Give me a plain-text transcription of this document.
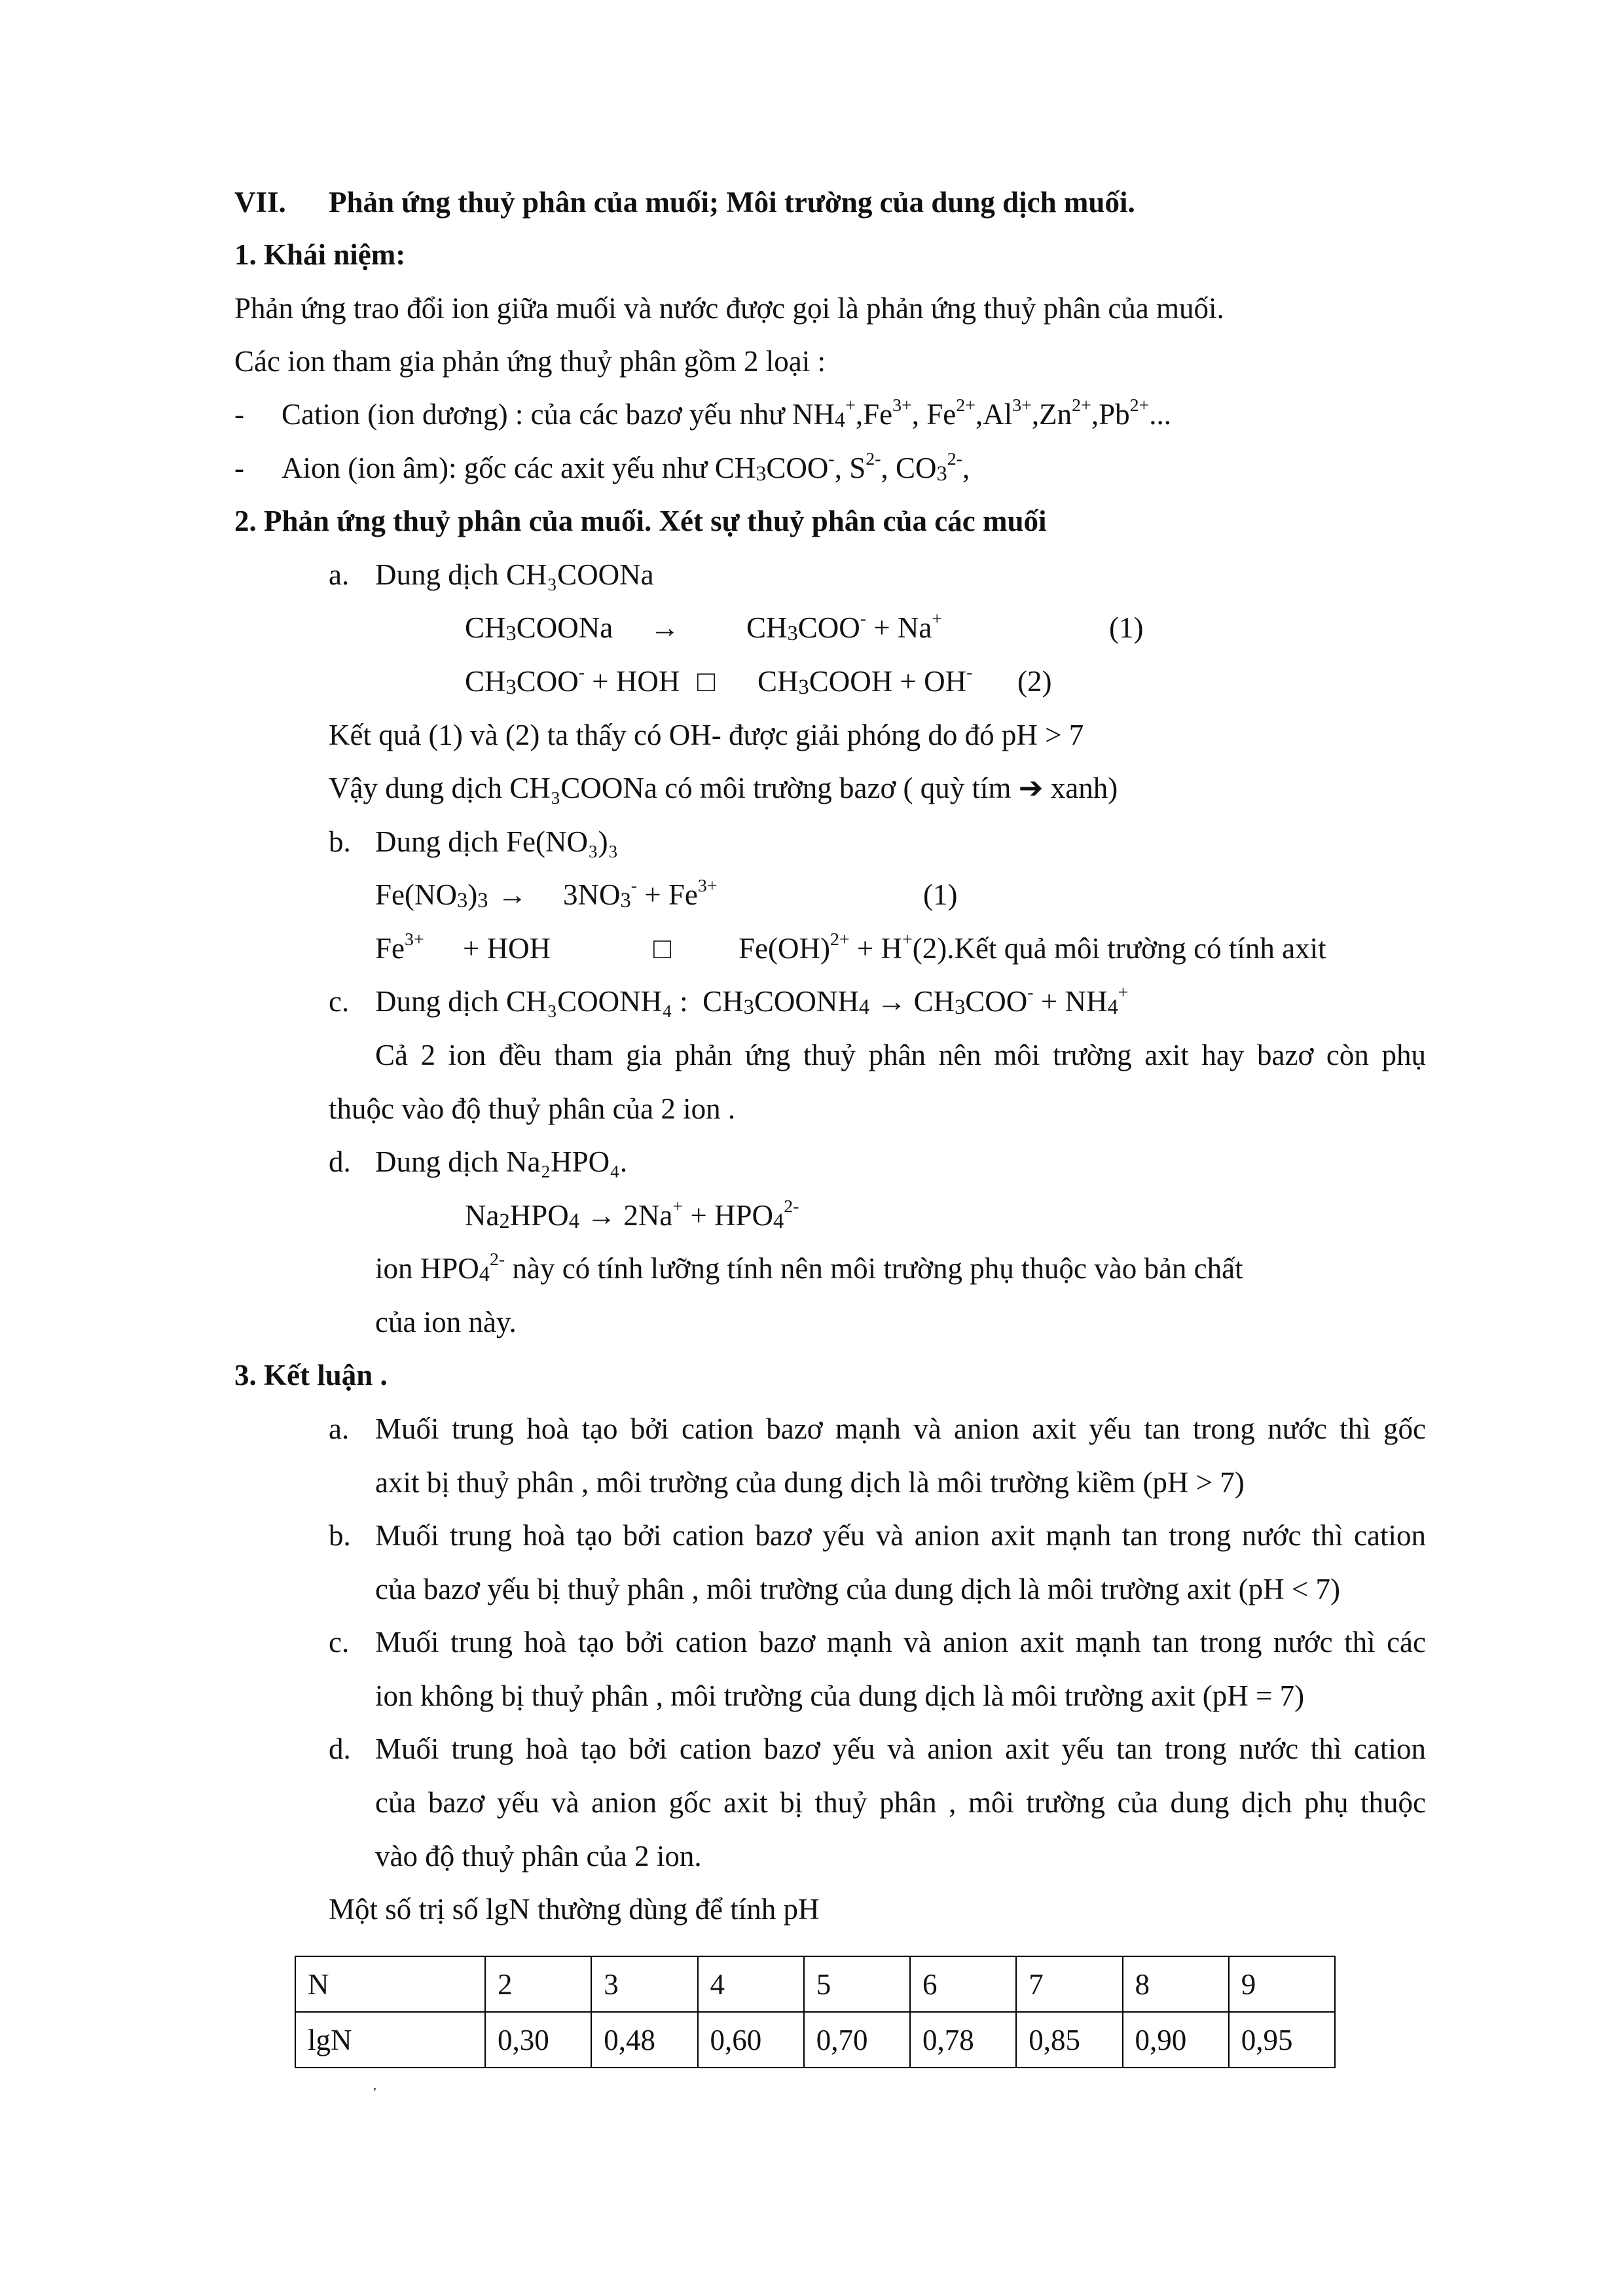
VII. Phản ứng thuỷ phân của muối; Môi trường của dung dịch muối.
1. Khái niệm:
Phản ứng trao đổi ion giữa muối và nước được gọi là phản ứng thuỷ phân của muối.
Các ion tham gia phản ứng thuỷ phân gồm 2 loại :
- Cation (ion dương) : của các bazơ yếu như $NH_4^+,Fe^{3+}$, $Fe^{2+},Al^{3+},Zn^{2+},Pb^{2+}$...
- Aion (ion âm): gốc các axit yếu như $CH_3COO^-$, $S^{2-}$, $CO_3^{2-}$,
2. Phản ứng thuỷ phân của muối. Xét sự thuỷ phân của các muối
a. Dung dịch CH₃COONa
$CH_3COONa \to CH_3COO^- + Na^+$	(1)
$CH_3COO^-$ + HOH □ $CH_3COOH + OH^-$ (2)
Kết quả (1) và (2) ta thấy có OH- được giải phóng do đó pH > 7
Vậy dung dịch CH₃COONa có môi trường bazơ ( quỳ tím ➔ xanh)
b. Dung dịch Fe(NO₃)₃
$Fe(NO_3)_3 \to 3NO_3^- + Fe^{3+}$	(1)
$Fe^{3+}$ + HOH	□ Fe(OH)$^{2+}$ + H+(2).Kết quả môi trường có tính axit
c. Dung dịch CH₃COONH₄ :  $CH_3COONH_4 \to CH_3COO^- + NH_4^+$
Cả 2 ion đều tham gia phản ứng thuỷ phân nên môi trường axit hay bazơ còn phụ
thuộc vào độ thuỷ phân của 2 ion .
d. Dung dịch Na₂HPO₄.
$Na_2HPO_4 \to 2Na^+ + HPO_4^{2-}$
ion $HPO_4^{2-}$ này có tính lưỡng tính nên môi trường phụ thuộc vào bản chất
của ion này.
3. Kết luận .
a. Muối trung hoà tạo bởi cation bazơ mạnh và anion axit yếu tan trong nước thì gốc
axit bị thuỷ phân , môi trường của dung dịch là môi trường kiềm (pH > 7)
b. Muối trung hoà tạo bởi cation bazơ yếu và anion axit mạnh tan trong nước thì cation
của bazơ yếu bị thuỷ phân , môi trường của dung dịch là môi trường axit (pH < 7)
c. Muối trung hoà tạo bởi cation bazơ mạnh và anion axit mạnh tan trong nước thì các
ion không bị thuỷ phân , môi trường của dung dịch là môi trường axit (pH = 7)
d. Muối trung hoà tạo bởi cation bazơ yếu và anion axit yếu tan trong nước thì cation
của bazơ yếu và anion gốc axit bị thuỷ phân , môi trường của dung dịch phụ thuộc
vào độ thuỷ phân của 2 ion.
Một số trị số lgN thường dùng để tính pH
N	2	3	4	5	6	7	8	9
lgN	0,30	0,48	0,60	0,70	0,78	0,85	0,90	0,95
’
